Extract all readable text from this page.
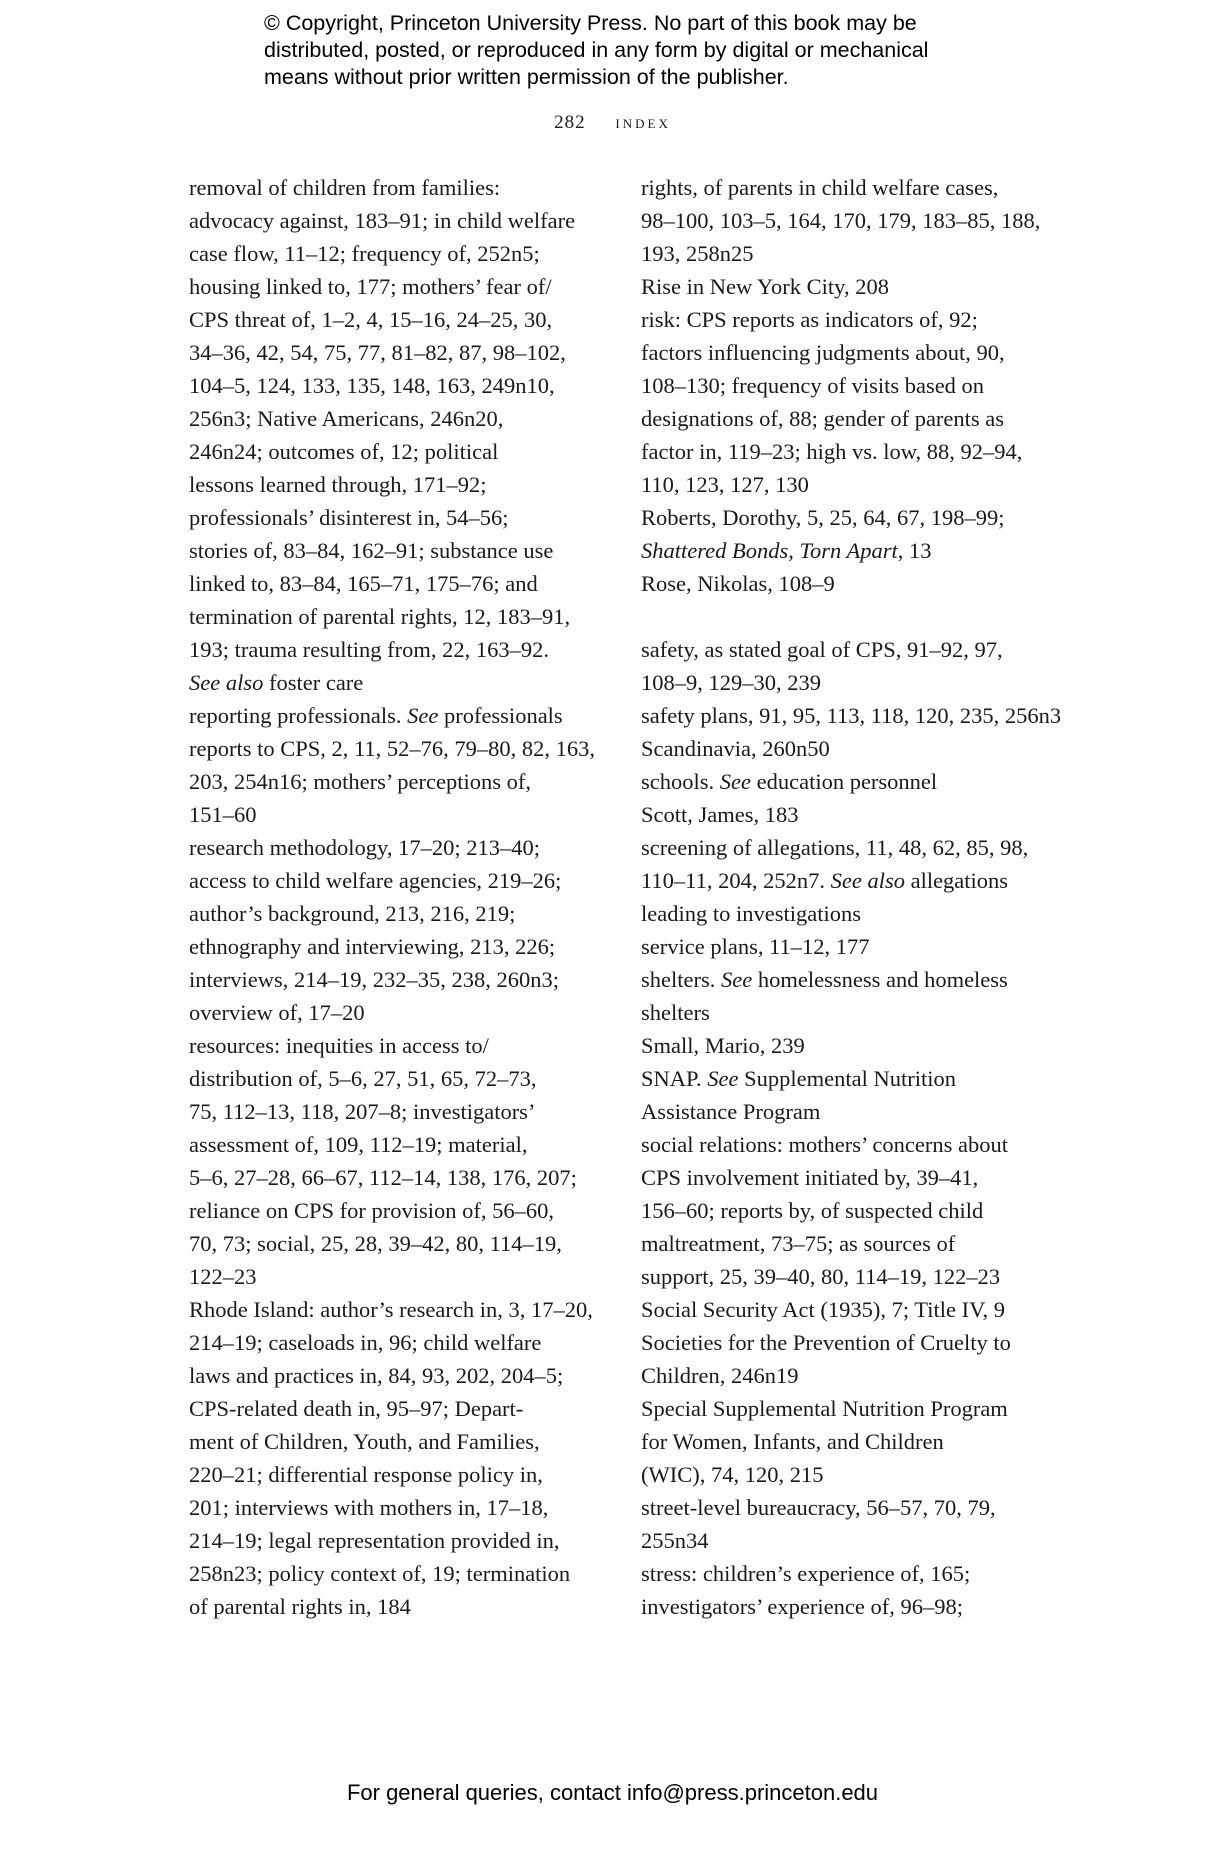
© Copyright, Princeton University Press. No part of this book may be
distributed, posted, or reproduced in any form by digital or mechanical
means without prior written permission of the publisher.
282 index

removal of children from families:
advocacy against, 183–91; in child welfare
case flow, 11–12; frequency of, 252n5;
housing linked to, 177; mothers’ fear of/
CPS threat of, 1–2, 4, 15–16, 24–25, 30,
34–36, 42, 54, 75, 77, 81–82, 87, 98–102,
104–5, 124, 133, 135, 148, 163, 249n10,
256n3; Native Americans, 246n20,
246n24; outcomes of, 12; political
lessons learned through, 171–92;
professionals’ disinterest in, 54–56;
stories of, 83–84, 162–91; substance use
linked to, 83–84, 165–71, 175–76; and
termination of parental rights, 12, 183–91,
193; trauma resulting from, 22, 163–92.
See also foster care

reporting professionals. See professionals

reports to CPS, 2, 11, 52–76, 79–80, 82, 163,
203, 254n16; mothers’ perceptions of,
151–60

research methodology, 17–20; 213–40;
access to child welfare agencies, 219–26;
author’s background, 213, 216, 219;
ethnography and interviewing, 213, 226;
interviews, 214–19, 232–35, 238, 260n3;
overview of, 17–20

resources: inequities in access to/
distribution of, 5–6, 27, 51, 65, 72–73,
75, 112–13, 118, 207–8; investigators’
assessment of, 109, 112–19; material,
5–6, 27–28, 66–67, 112–14, 138, 176, 207;
reliance on CPS for provision of, 56–60,
70, 73; social, 25, 28, 39–42, 80, 114–19,
122–23

Rhode Island: author’s research in, 3, 17–20,
214–19; caseloads in, 96; child welfare
laws and practices in, 84, 93, 202, 204–5;
CPS-related death in, 95–97; Depart-
ment of Children, Youth, and Families,
220–21; differential response policy in,
201; interviews with mothers in, 17–18,
214–19; legal representation provided in,
258n23; policy context of, 19; termination
of parental rights in, 184

rights, of parents in child welfare cases,
98–100, 103–5, 164, 170, 179, 183–85, 188,
193, 258n25

Rise in New York City, 208

risk: CPS reports as indicators of, 92;
factors influencing judgments about, 90,
108–130; frequency of visits based on
designations of, 88; gender of parents as
factor in, 119–23; high vs. low, 88, 92–94,
110, 123, 127, 130

Roberts, Dorothy, 5, 25, 64, 67, 198–99;
Shattered Bonds, Torn Apart, 13

Rose, Nikolas, 108–9

safety, as stated goal of CPS, 91–92, 97,
108–9, 129–30, 239

safety plans, 91, 95, 113, 118, 120, 235, 256n3

Scandinavia, 260n50

schools. See education personnel

Scott, James, 183

screening of allegations, 11, 48, 62, 85, 98,
110–11, 204, 252n7. See also allegations
leading to investigations

service plans, 11–12, 177

shelters. See homelessness and homeless
shelters

Small, Mario, 239

SNAP. See Supplemental Nutrition
Assistance Program

social relations: mothers’ concerns about
CPS involvement initiated by, 39–41,
156–60; reports by, of suspected child
maltreatment, 73–75; as sources of
support, 25, 39–40, 80, 114–19, 122–23

Social Security Act (1935), 7; Title IV, 9

Societies for the Prevention of Cruelty to
Children, 246n19

Special Supplemental Nutrition Program
for Women, Infants, and Children
(WIC), 74, 120, 215

street-level bureaucracy, 56–57, 70, 79,
255n34

stress: children’s experience of, 165;
investigators’ experience of, 96–98;

For general queries, contact info@press.princeton.edu
